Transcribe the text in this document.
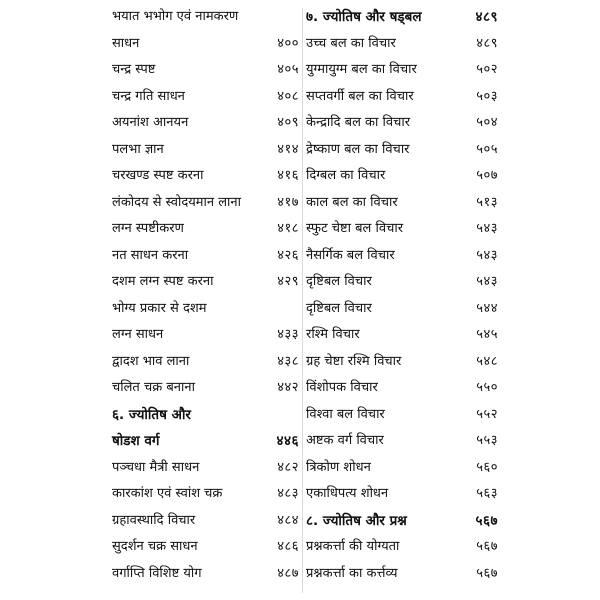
भयात भभोग एवं नामकरण
साधन	४००
चन्द्र स्पष्ट	४०५
चन्द्र गति साधन	४०८
अयनांश आनयन	४०९
पलभा ज्ञान	४१४
चरखण्ड स्पष्ट करना	४१६
लंकोदय से स्वोदयमान लाना	४१७
लग्न स्पष्टीकरण	४१८
नत साधन करना	४२६
दशम लग्न स्पष्ट करना	४२९
भोग्य प्रकार से दशम
लग्न साधन	४३३
द्वादश भाव लाना	४३८
चलित चक्र बनाना	४४२
६. ज्योतिष और
षोडश वर्ग	४४६
पञ्चधा मैत्री साधन	४८२
कारकांश एवं स्वांश चक्र	४८३
ग्रहावस्थादि विचार	४८४
सुदर्शन चक्र साधन	४८६
वर्गाप्ति विशिष्ट योग	४८७
७. ज्योतिष और षड्बल	४८९
उच्च बल का विचार	४८९
युग्मायुग्म बल का विचार	५०२
सप्तवर्गी बल का विचार	५०३
केन्द्रादि बल का विचार	५०४
द्रेष्काण बल का विचार	५०५
दिग्बल का विचार	५०७
काल बल का विचार	५१३
स्फुट चेष्टा बल विचार	५४३
नैसर्गिक बल विचार	५४३
दृष्टिबल विचार	५४३
दृष्टिबल विचार	५४४
रश्मि विचार	५४५
ग्रह चेष्टा रश्मि विचार	५४८
विंशोपक विचार	५५०
विश्वा बल विचार	५५२
अष्टक वर्ग विचार	५५३
त्रिकोण शोधन	५६०
एकाधिपत्य शोधन	५६३
८. ज्योतिष और प्रश्न	५६७
प्रश्नकर्त्ता की योग्यता	५६७
प्रश्नकर्त्ता का कर्त्तव्य	५६७
